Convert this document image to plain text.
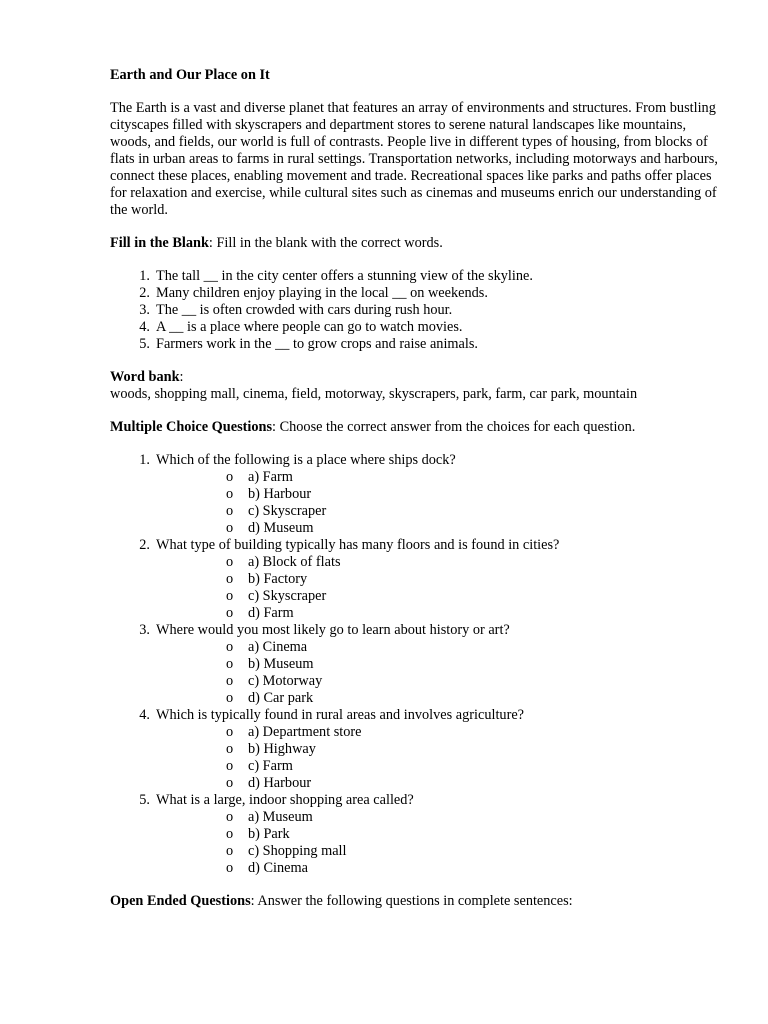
Earth and Our Place on It

The Earth is a vast and diverse planet that features an array of environments and structures. From bustling cityscapes filled with skyscrapers and department stores to serene natural landscapes like mountains, woods, and fields, our world is full of contrasts. People live in different types of housing, from blocks of flats in urban areas to farms in rural settings. Transportation networks, including motorways and harbours, connect these places, enabling movement and trade. Recreational spaces like parks and paths offer places for relaxation and exercise, while cultural sites such as cinemas and museums enrich our understanding of the world.

Fill in the Blank: Fill in the blank with the correct words.

1. The tall __ in the city center offers a stunning view of the skyline.
2. Many children enjoy playing in the local __ on weekends.
3. The __ is often crowded with cars during rush hour.
4. A __ is a place where people can go to watch movies.
5. Farmers work in the __ to grow crops and raise animals.

Word bank:

woods, shopping mall, cinema, field, motorway, skyscrapers, park, farm, car park, mountain

Multiple Choice Questions: Choose the correct answer from the choices for each question.

1. Which of the following is a place where ships dock?
o a) Farm
o b) Harbour
o c) Skyscraper
o d) Museum
2. What type of building typically has many floors and is found in cities?
o a) Block of flats
o b) Factory
o c) Skyscraper
o d) Farm
3. Where would you most likely go to learn about history or art?
o a) Cinema
o b) Museum
o c) Motorway
o d) Car park
4. Which is typically found in rural areas and involves agriculture?
o a) Department store
o b) Highway
o c) Farm
o d) Harbour
5. What is a large, indoor shopping area called?
o a) Museum
o b) Park
o c) Shopping mall
o d) Cinema

Open Ended Questions: Answer the following questions in complete sentences:
